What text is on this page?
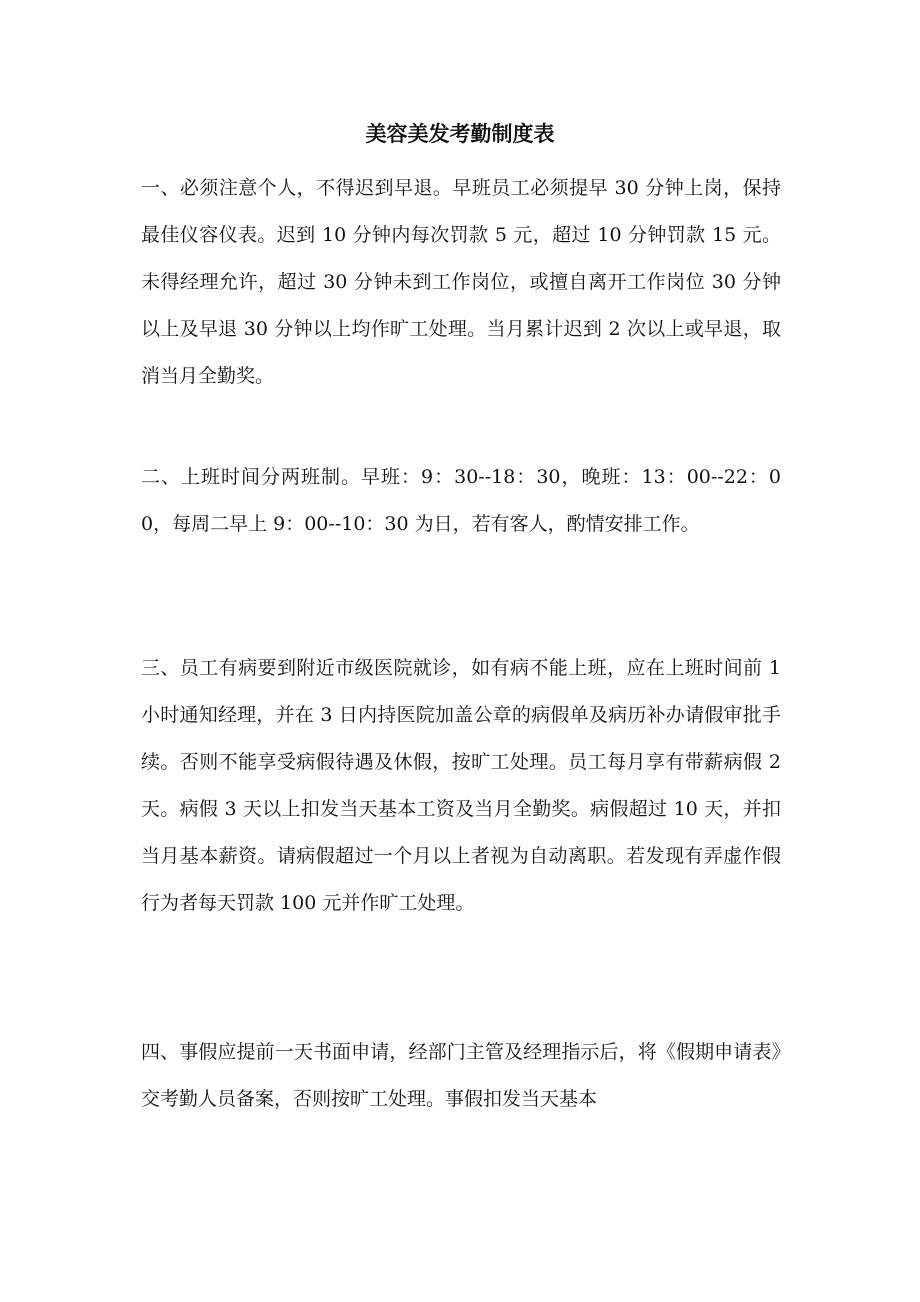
美容美发考勤制度表

一、必须注意个人，不得迟到早退。早班员工必须提早 30 分钟上岗，保持最佳仪容仪表。迟到 10 分钟内每次罚款 5 元，超过 10 分钟罚款 15 元。未得经理允许，超过 30 分钟未到工作岗位，或擅自离开工作岗位 30 分钟以上及早退 30 分钟以上均作旷工处理。当月累计迟到 2 次以上或早退，取消当月全勤奖。

二、上班时间分两班制。早班：9：30--18：30，晚班：13：00--22：00，每周二早上 9：00--10：30 为日，若有客人，酌情安排工作。

三、员工有病要到附近市级医院就诊，如有病不能上班，应在上班时间前 1 小时通知经理，并在 3 日内持医院加盖公章的病假单及病历补办请假审批手续。否则不能享受病假待遇及休假，按旷工处理。员工每月享有带薪病假 2 天。病假 3 天以上扣发当天基本工资及当月全勤奖。病假超过 10 天，并扣当月基本薪资。请病假超过一个月以上者视为自动离职。若发现有弄虚作假行为者每天罚款 100 元并作旷工处理。

四、事假应提前一天书面申请，经部门主管及经理指示后，将《假期申请表》交考勤人员备案，否则按旷工处理。事假扣发当天基本
